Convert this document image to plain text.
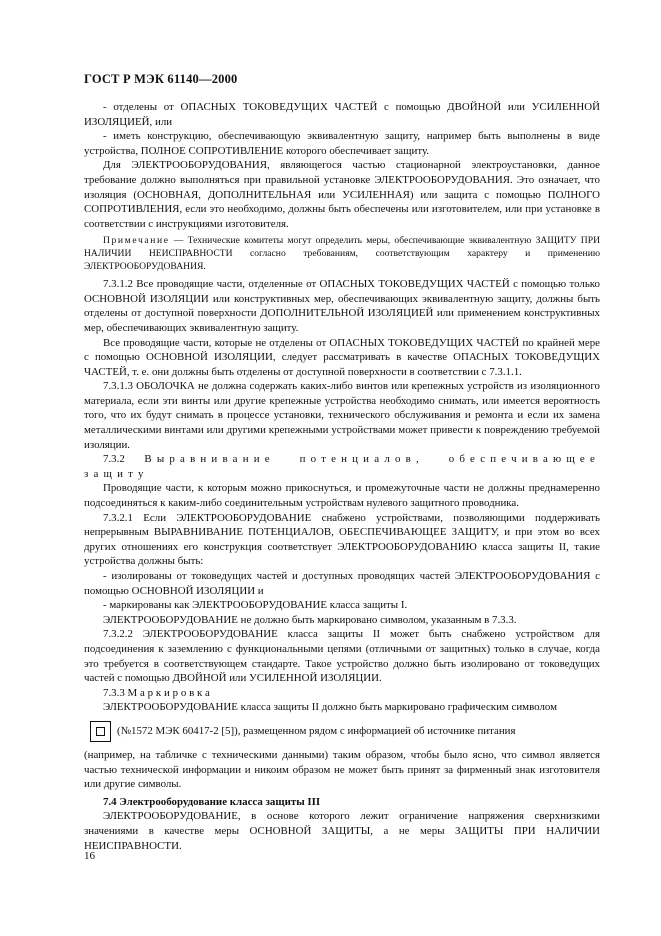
ГОСТ Р МЭК 61140—2000

- отделены от ОПАСНЫХ ТОКОВЕДУЩИХ ЧАСТЕЙ с помощью ДВОЙНОЙ или УСИЛЕННОЙ ИЗОЛЯЦИЕЙ, или

- иметь конструкцию, обеспечивающую эквивалентную защиту, например быть выполнены в виде устройства, ПОЛНОЕ СОПРОТИВЛЕНИЕ которого обеспечивает защиту.

Для ЭЛЕКТРООБОРУДОВАНИЯ, являющегося частью стационарной электроустановки, данное требование должно выполняться при правильной установке ЭЛЕКТРООБОРУДОВАНИЯ. Это означает, что изоляция (ОСНОВНАЯ, ДОПОЛНИТЕЛЬНАЯ или УСИЛЕННАЯ) или защита с помощью ПОЛНОГО СОПРОТИВЛЕНИЯ, если это необходимо, должны быть обеспечены или изготовителем, или при установке в соответствии с инструкциями изготовителя.

Примечание — Технические комитеты могут определить меры, обеспечивающие эквивалентную ЗАЩИТУ ПРИ НАЛИЧИИ НЕИСПРАВНОСТИ согласно требованиям, соответствующим характеру и применению ЭЛЕКТРООБОРУДОВАНИЯ.

7.3.1.2 Все проводящие части, отделенные от ОПАСНЫХ ТОКОВЕДУЩИХ ЧАСТЕЙ с помощью только ОСНОВНОЙ ИЗОЛЯЦИИ или конструктивных мер, обеспечивающих эквивалентную защиту, должны быть отделены от доступной поверхности ДОПОЛНИТЕЛЬНОЙ ИЗОЛЯЦИЕЙ или применением конструктивных мер, обеспечивающих эквивалентную защиту.

Все проводящие части, которые не отделены от ОПАСНЫХ ТОКОВЕДУЩИХ ЧАСТЕЙ по крайней мере с помощью ОСНОВНОЙ ИЗОЛЯЦИИ, следует рассматривать в качестве ОПАСНЫХ ТОКОВЕДУЩИХ ЧАСТЕЙ, т. е. они должны быть отделены от доступной поверхности в соответствии с 7.3.1.1.

7.3.1.3 ОБОЛОЧКА не должна содержать каких-либо винтов или крепежных устройств из изоляционного материала, если эти винты или другие крепежные устройства необходимо снимать, или имеется вероятность того, что их будут снимать в процессе установки, технического обслуживания и ремонта и если их замена металлическими винтами или другими крепежными устройствами может привести к повреждению требуемой изоляции.

7.3.2 Выравнивание потенциалов, обеспечивающее защиту

Проводящие части, к которым можно прикоснуться, и промежуточные части не должны преднамеренно подсоединяться к каким-либо соединительным устройствам нулевого защитного проводника.

7.3.2.1 Если ЭЛЕКТРООБОРУДОВАНИЕ снабжено устройствами, позволяющими поддерживать непрерывным ВЫРАВНИВАНИЕ ПОТЕНЦИАЛОВ, ОБЕСПЕЧИВАЮЩЕЕ ЗАЩИТУ, и при этом во всех других отношениях его конструкция соответствует ЭЛЕКТРООБОРУДОВАНИЮ класса защиты II, такие устройства должны быть:

- изолированы от токоведущих частей и доступных проводящих частей ЭЛЕКТРООБОРУДОВАНИЯ с помощью ОСНОВНОЙ ИЗОЛЯЦИИ и

- маркированы как ЭЛЕКТРООБОРУДОВАНИЕ класса защиты I.

ЭЛЕКТРООБОРУДОВАНИЕ не должно быть маркировано символом, указанным в 7.3.3.

7.3.2.2 ЭЛЕКТРООБОРУДОВАНИЕ класса защиты II может быть снабжено устройством для подсоединения к заземлению с функциональными цепями (отличными от защитных) только в случае, когда это требуется в соответствующем стандарте. Такое устройство должно быть изолировано от токоведущих частей с помощью ДВОЙНОЙ или УСИЛЕННОЙ ИЗОЛЯЦИИ.

7.3.3 Маркировка

ЭЛЕКТРООБОРУДОВАНИЕ класса защиты II должно быть маркировано графическим символом

(№1572 МЭК 60417-2 [5]), размещенном рядом с информацией об источнике питания

(например, на табличке с техническими данными) таким образом, чтобы было ясно, что символ является частью технической информации и никоим образом не может быть принят за фирменный знак изготовителя или другие символы.

7.4 Электрооборудование класса защиты III

ЭЛЕКТРООБОРУДОВАНИЕ, в основе которого лежит ограничение напряжения сверхнизкими значениями в качестве меры ОСНОВНОЙ ЗАЩИТЫ, а не меры ЗАЩИТЫ ПРИ НАЛИЧИИ НЕИСПРАВНОСТИ.

16
